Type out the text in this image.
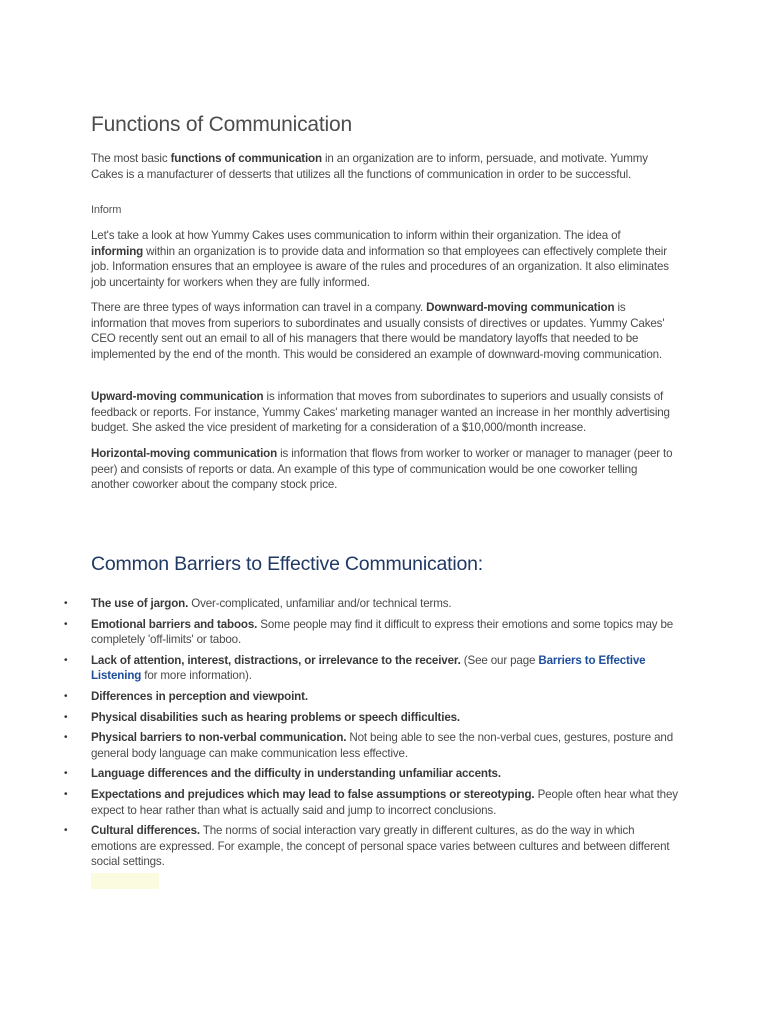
Functions of Communication

The most basic functions of communication in an organization are to inform, persuade, and motivate. Yummy Cakes is a manufacturer of desserts that utilizes all the functions of communication in order to be successful.

Inform

Let's take a look at how Yummy Cakes uses communication to inform within their organization. The idea of informing within an organization is to provide data and information so that employees can effectively complete their job. Information ensures that an employee is aware of the rules and procedures of an organization. It also eliminates job uncertainty for workers when they are fully informed.

There are three types of ways information can travel in a company. Downward-moving communication is information that moves from superiors to subordinates and usually consists of directives or updates. Yummy Cakes' CEO recently sent out an email to all of his managers that there would be mandatory layoffs that needed to be implemented by the end of the month. This would be considered an example of downward-moving communication.

Upward-moving communication is information that moves from subordinates to superiors and usually consists of feedback or reports. For instance, Yummy Cakes' marketing manager wanted an increase in her monthly advertising budget. She asked the vice president of marketing for a consideration of a $10,000/month increase.

Horizontal-moving communication is information that flows from worker to worker or manager to manager (peer to peer) and consists of reports or data. An example of this type of communication would be one coworker telling another coworker about the company stock price.

Common Barriers to Effective Communication:
• The use of jargon. Over-complicated, unfamiliar and/or technical terms.
• Emotional barriers and taboos. Some people may find it difficult to express their emotions and some topics may be completely 'off-limits' or taboo.
• Lack of attention, interest, distractions, or irrelevance to the receiver. (See our page Barriers to Effective Listening for more information).
• Differences in perception and viewpoint.
• Physical disabilities such as hearing problems or speech difficulties.
• Physical barriers to non-verbal communication. Not being able to see the non-verbal cues, gestures, posture and general body language can make communication less effective.
• Language differences and the difficulty in understanding unfamiliar accents.
• Expectations and prejudices which may lead to false assumptions or stereotyping. People often hear what they expect to hear rather than what is actually said and jump to incorrect conclusions.
• Cultural differences. The norms of social interaction vary greatly in different cultures, as do the way in which emotions are expressed. For example, the concept of personal space varies between cultures and between different social settings.
